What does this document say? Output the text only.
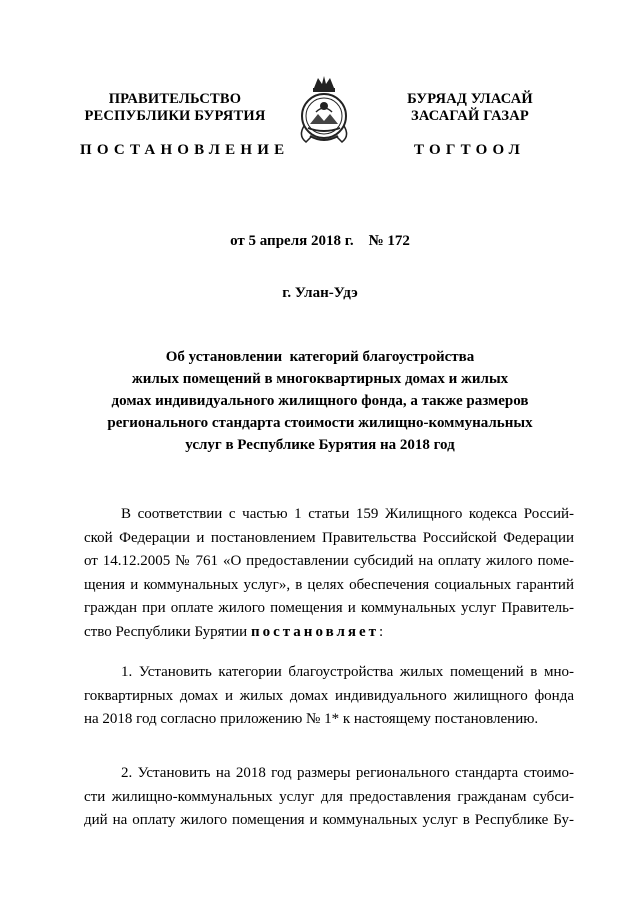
ПРАВИТЕЛЬСТВО
РЕСПУБЛИКИ БУРЯТИЯ
БУРЯАД УЛАСАЙ
ЗАСАГАЙ ГАЗАР
ПОСТАНОВЛЕНИЕ	ТОГТООЛ
от 5 апреля 2018 г. № 172
г. Улан-Удэ
Об установлении  категорий благоустройства
жилых помещений в многоквартирных домах и жилых
домах индивидуального жилищного фонда, а также размеров
регионального стандарта стоимости жилищно-коммунальных
услуг в Республике Бурятия на 2018 год
В соответствии с частью 1 статьи 159 Жилищного кодекса Россий-
ской Федерации и постановлением Правительства Российской Федерации
от 14.12.2005 № 761 «О предоставлении субсидий на оплату жилого поме-
щения и коммунальных услуг», в целях обеспечения социальных гарантий
граждан при оплате жилого помещения и коммунальных услуг Правитель-
ство Республики Бурятии постановляет:
1. Установить категории благоустройства жилых помещений в мно-
гоквартирных домах и жилых домах индивидуального жилищного фонда
на 2018 год согласно приложению № 1* к настоящему постановлению.
2. Установить на 2018 год размеры регионального стандарта стоимо-
сти жилищно-коммунальных услуг для предоставления гражданам субси-
дий на оплату жилого помещения и коммунальных услуг в Республике Бу-
